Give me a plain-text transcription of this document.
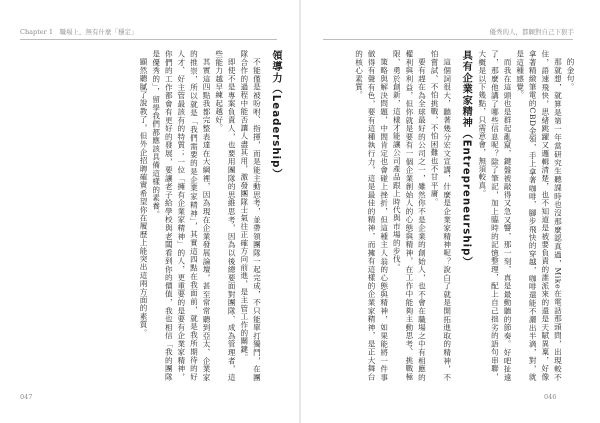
Chapter 1　職場上，無有什麼「穩定」
領導力（Leadership）

不能僅是被吩咐、指揮，而是能主動思考，並帶領團隊一起完成，不只能單打獨鬥，在團隊合作的過程中能否讓人盡其用，激發團隊士氣往正確方向前進，是主管工作的關鍵。

即使不是專案負責人，也要用團隊的思維思考，因為以後總要面對團隊、成為管理者，這些能力越早練起越好。

其實這四點我都完整表達在大綱裡，因為現在企業發展論壇，甚至常常聽到亞太、企業家的推崇，所以就是「我們需要的是企業家精神」，其實這四點在我面前，就是我所期待的好人才、好主管最該有的特質；一位「擁有企業家精神」的人，更重要的是要有企業家精神，你們的工作都會有更好的發展，要讓老子給學校與老闆看到你的價值，我也相信「我的團隊是優秀的」，留學我們都應該具備這樣的素養。

顯然聽膩了說教了，但外企招聘確實希望你在履歷上能突出這兩方面的素質。

047
優秀的人，都願對自己下狠手

的金句。

那就想，就算是第一年當研究生聽課時也沒那麼認真過，Mike在電話那頭問，出現較不住，語速飛快，思緒跳躍又邏輯清楚，也不知道是被要負責的誰派來的還是天賦異稟，好像拿著精緻筆電的CBD金領，手上拿著咖啡，腳步飛快的穿越，咖啡還能不灑出半滴，對，就是這種感覺。

而我在這頭也是群起亂竄，鍵盤被敲得又急又響，那一刻，真是最動聽的節奏。好吧扯遠了，那麼他講了哪些信息呢？除了筆記，加上臨時的記憶整理，配上自己拙劣的語句串聯，大概是以下幾點，只需意會，無須較真。

具有企業家精神（Entrepreneurship）

這個詞很大，聽著幾分宏文宣講，什麼是企業家精神呢？說白了就是開拓進取的精神，不怕嘗試、不怕挑戰，不怕困難也不甘平庸。

要有趕在為全球最好的公司之一，雖然你不是企業的創始人，也不會在職場之中有相應的權利與利益，但你就是要有一個企業創始人的心態與精神，在工作中能夠主動思考、挑戰極限、勇於創新，這樣才能讓公司產品跟上時代與市場的步伐。

策略與解決問題，中間肯定也會碰上挫折，但這種主人翁的心態與精神，如果能將一件事做得有聲有色，要有這種執行力，這是最佳的精神，而擁有這樣的企業家精神，是正大舞台的核心素質。

046
